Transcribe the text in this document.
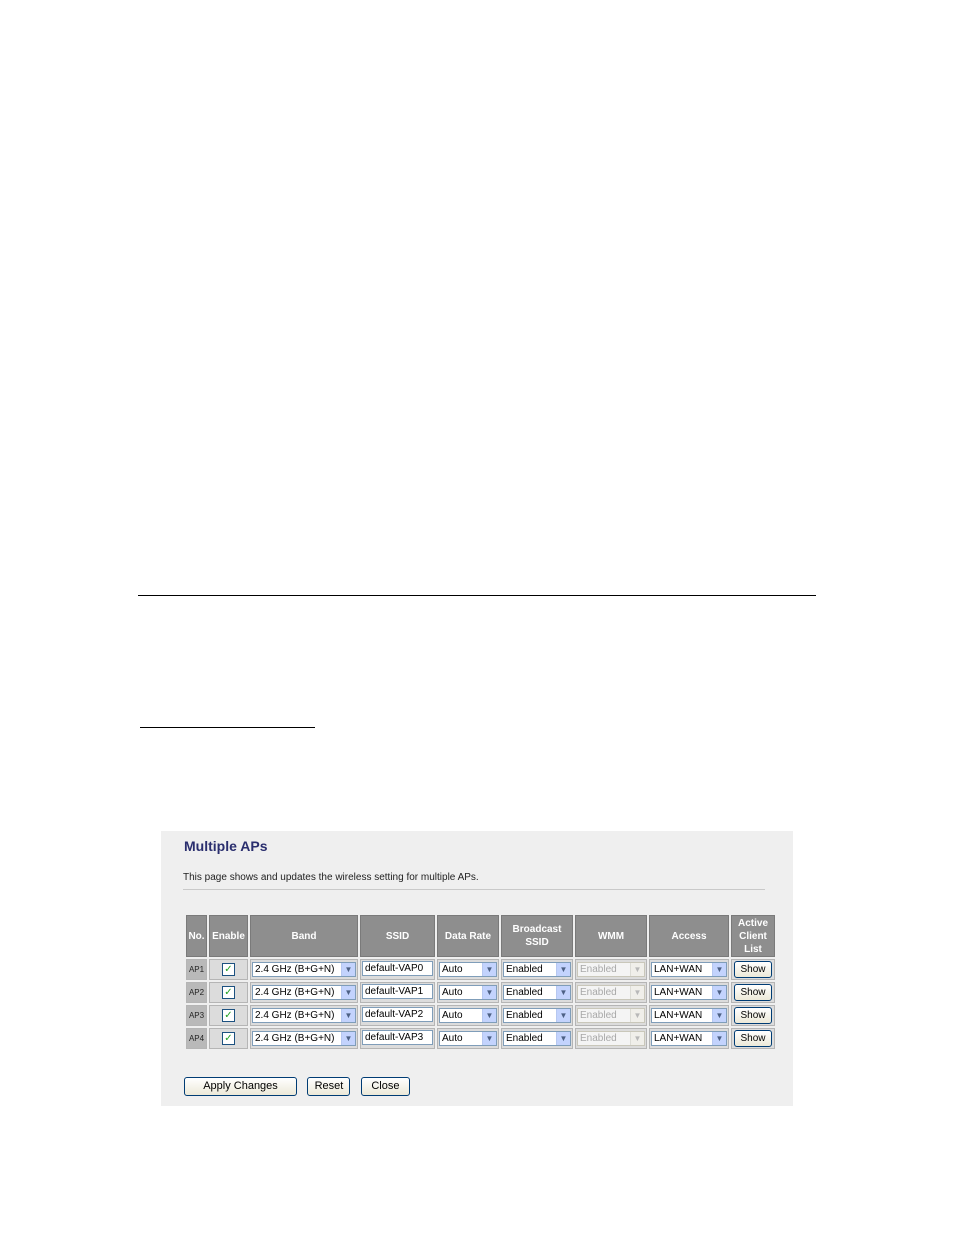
Multiple APs
This page shows and updates the wireless setting for multiple APs.
No.	Enable	Band	SSID	Data Rate	Broadcast SSID	WMM	Access	Active Client List
AP1	✓	2.4 GHz (B+G+N) ▼	default-VAP0	Auto ▼	Enabled ▼	Enabled ▼	LAN+WAN ▼	Show
AP2	✓	2.4 GHz (B+G+N) ▼	default-VAP1	Auto ▼	Enabled ▼	Enabled ▼	LAN+WAN ▼	Show
AP3	✓	2.4 GHz (B+G+N) ▼	default-VAP2	Auto ▼	Enabled ▼	Enabled ▼	LAN+WAN ▼	Show
AP4	✓	2.4 GHz (B+G+N) ▼	default-VAP3	Auto ▼	Enabled ▼	Enabled ▼	LAN+WAN ▼	Show
Apply Changes	Reset	Close
